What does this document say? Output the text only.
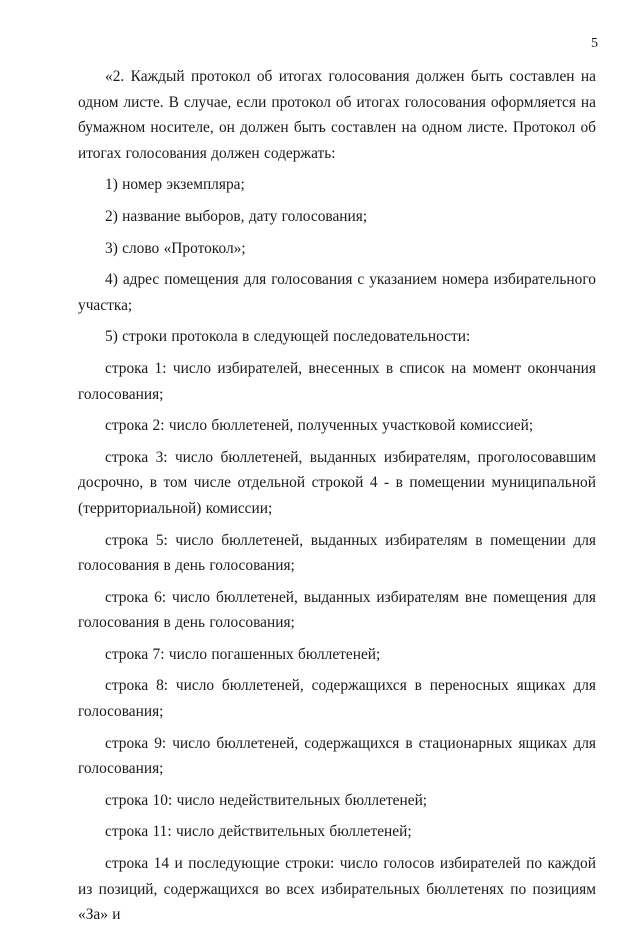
5

«2. Каждый протокол об итогах голосования должен быть составлен на одном листе. В случае, если протокол об итогах голосования оформляется на бумажном носителе, он должен быть составлен на одном листе. Протокол об итогах голосования должен содержать:

1) номер экземпляра;

2) название выборов, дату голосования;

3) слово «Протокол»;

4) адрес помещения для голосования с указанием номера избирательного участка;

5) строки протокола в следующей последовательности:

строка 1: число избирателей, внесенных в список на момент окончания голосования;

строка 2: число бюллетеней, полученных участковой комиссией;

строка 3: число бюллетеней, выданных избирателям, проголосовавшим досрочно, в том числе отдельной строкой 4 - в помещении муниципальной (территориальной) комиссии;

строка 5: число бюллетеней, выданных избирателям в помещении для голосования в день голосования;

строка 6: число бюллетеней, выданных избирателям вне помещения для голосования в день голосования;

строка 7: число погашенных бюллетеней;

строка 8: число бюллетеней, содержащихся в переносных ящиках для голосования;

строка 9: число бюллетеней, содержащихся в стационарных ящиках для голосования;

строка 10: число недействительных бюллетеней;

строка 11: число действительных бюллетеней;

строка 14 и последующие строки: число голосов избирателей по каждой из позиций, содержащихся во всех избирательных бюллетенях по позициям «За» и
